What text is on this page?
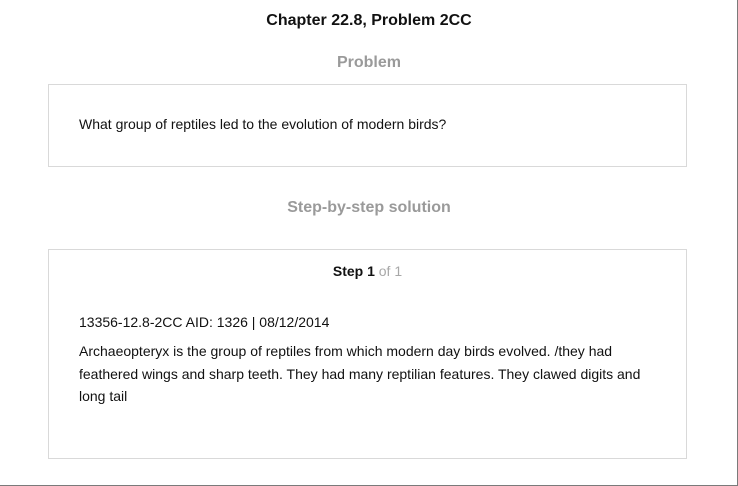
Chapter 22.8, Problem 2CC
Problem
What group of reptiles led to the evolution of modern birds?
Step-by-step solution
Step 1 of 1
13356-12.8-2CC AID: 1326 | 08/12/2014
Archaeopteryx is the group of reptiles from which modern day birds evolved. /they had feathered wings and sharp teeth. They had many reptilian features. They clawed digits and long tail
